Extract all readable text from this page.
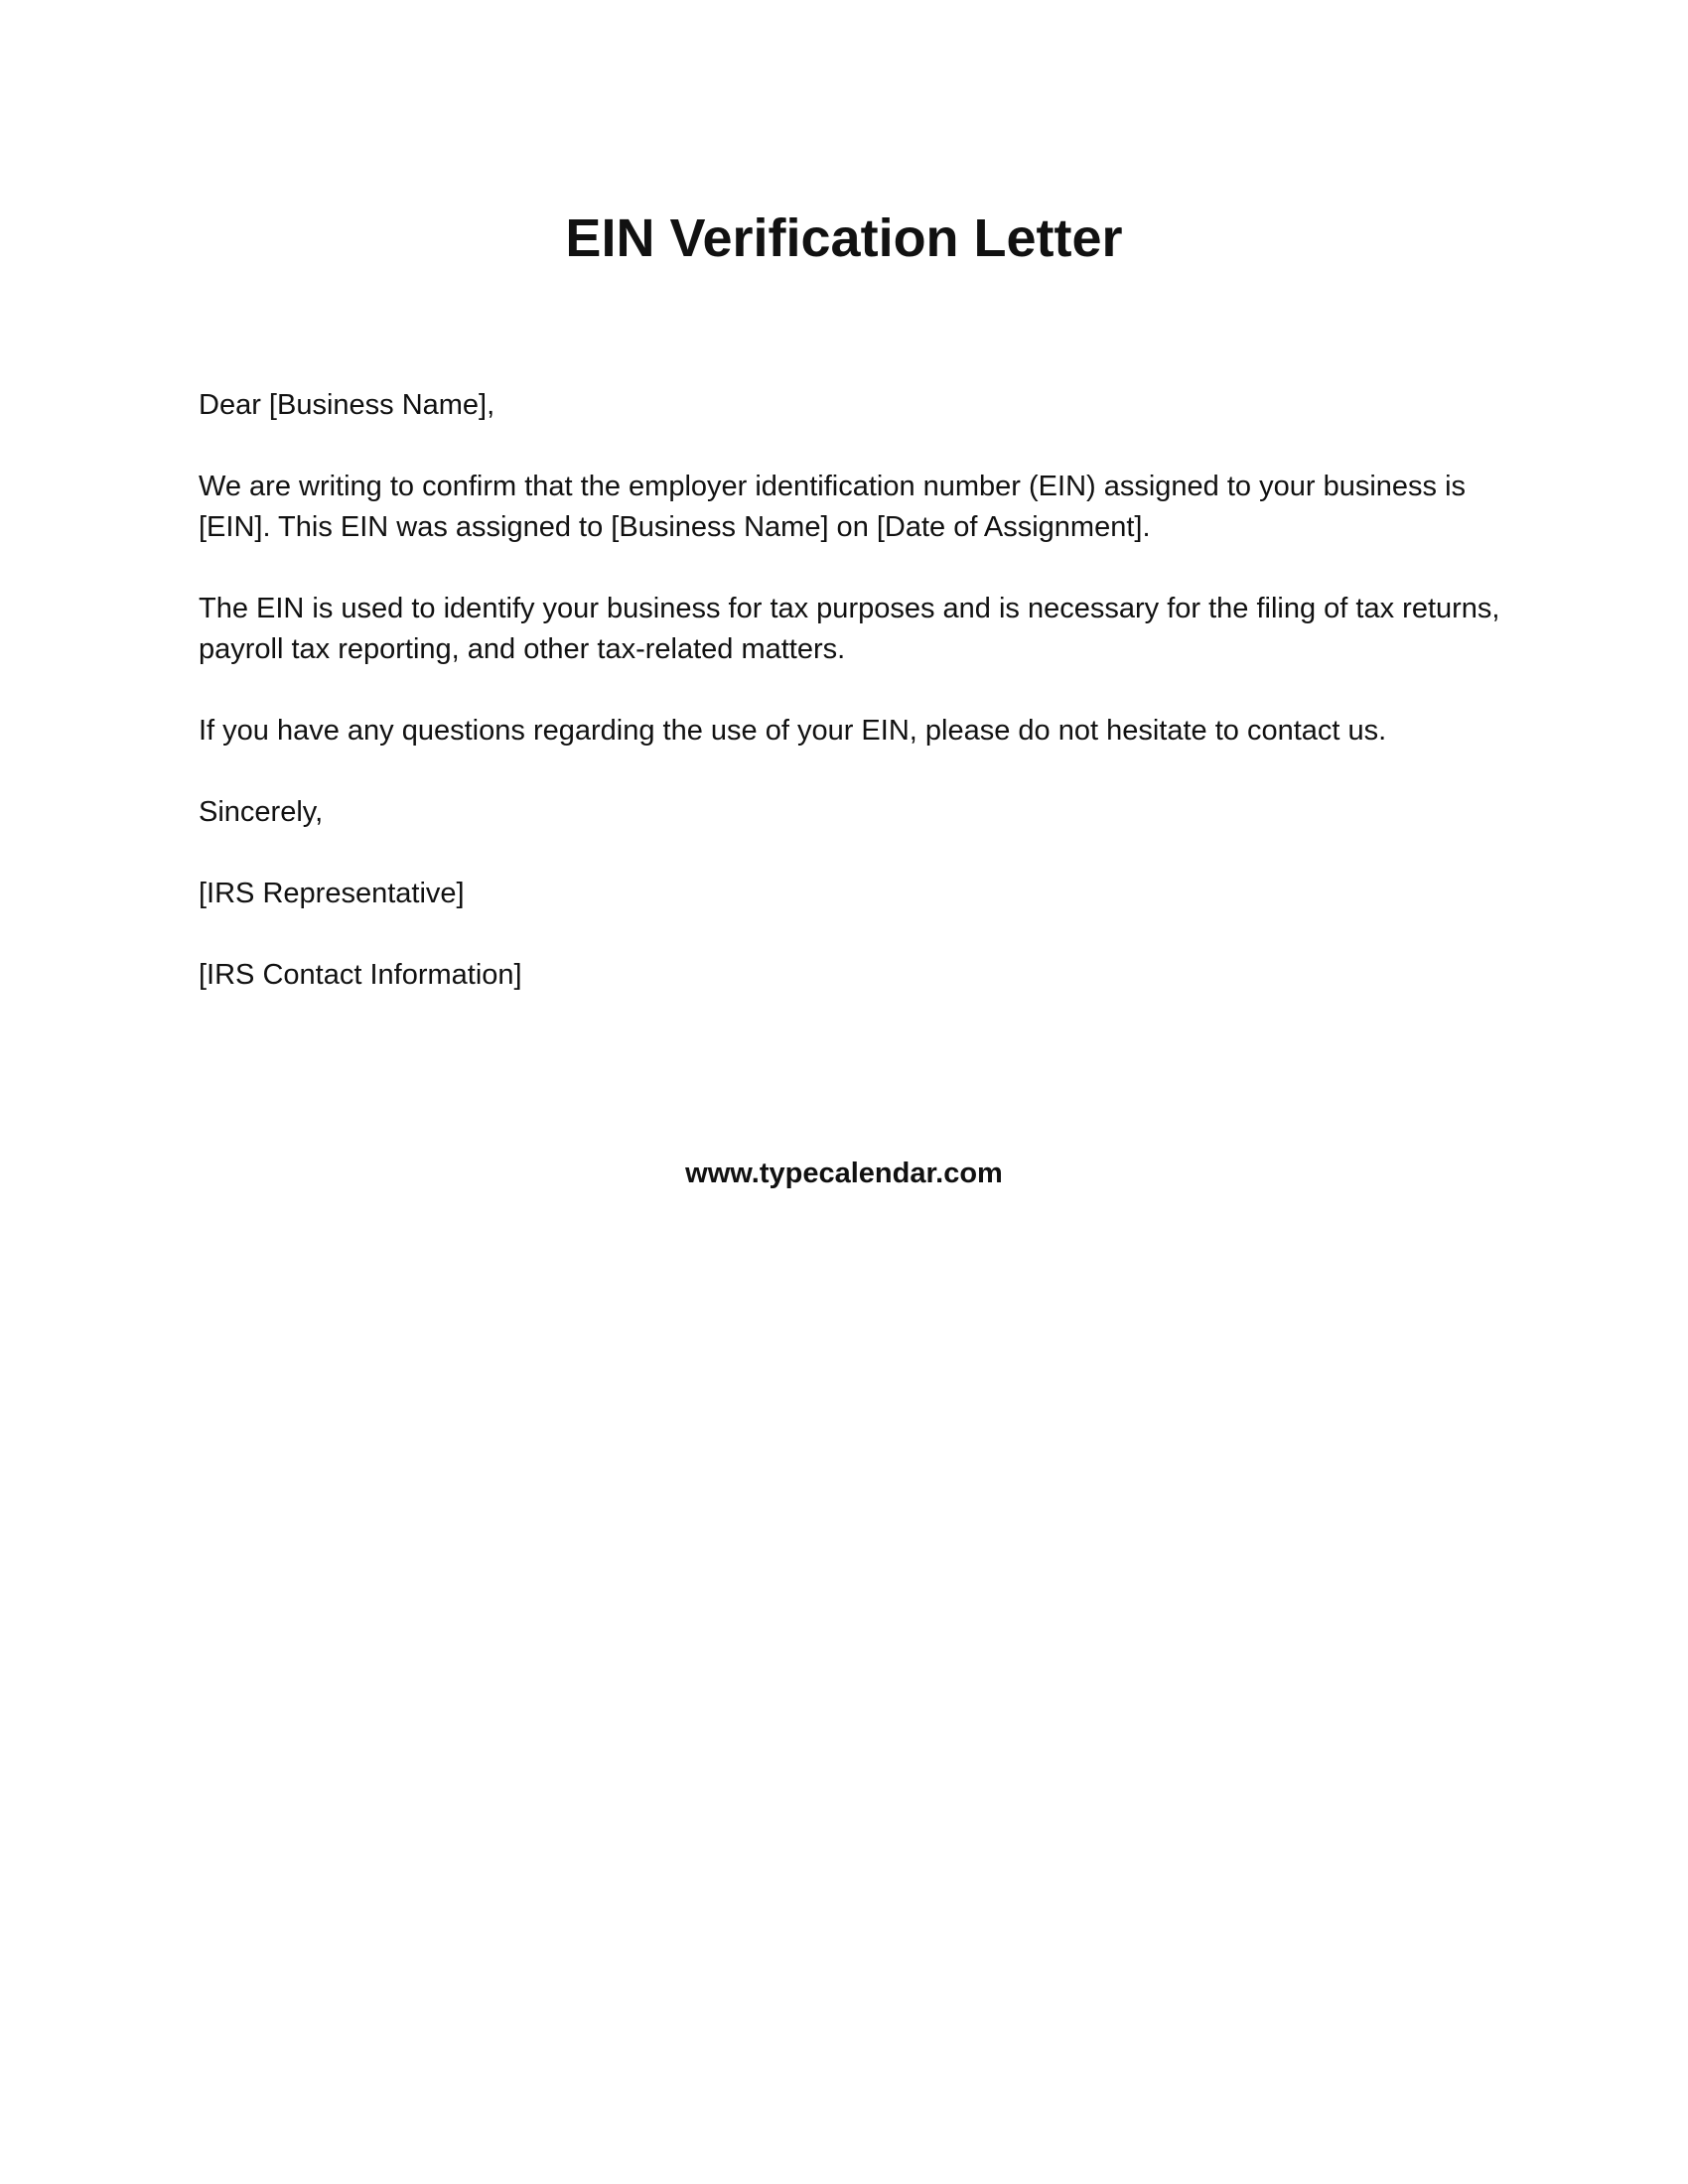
EIN Verification Letter

Dear [Business Name],

We are writing to confirm that the employer identification number (EIN) assigned to your business is [EIN]. This EIN was assigned to [Business Name] on [Date of Assignment].

The EIN is used to identify your business for tax purposes and is necessary for the filing of tax returns, payroll tax reporting, and other tax-related matters.

If you have any questions regarding the use of your EIN, please do not hesitate to contact us.

Sincerely,

[IRS Representative]

[IRS Contact Information]

www.typecalendar.com
